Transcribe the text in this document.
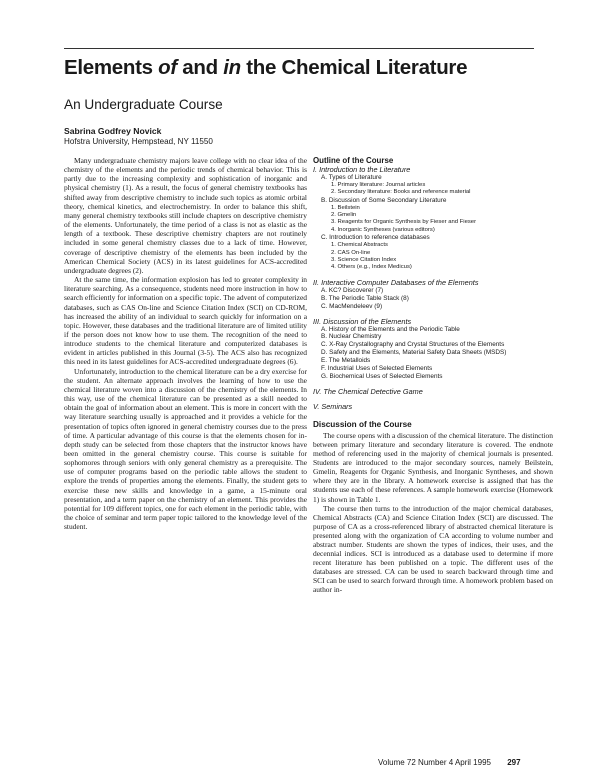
Elements of and in the Chemical Literature
An Undergraduate Course
Sabrina Godfrey Novick
Hofstra University, Hempstead, NY 11550

Many undergraduate chemistry majors leave college with no clear idea of the chemistry of the elements and the periodic trends of chemical behavior. This is partly due to the increasing complexity and sophistication of inorganic and physical chemistry (1). As a result, the focus of general chemistry textbooks has shifted away from descriptive chemistry to include such topics as atomic orbital theory, chemical kinetics, and electrochemistry. In order to balance this shift, many general chemistry textbooks still include chapters on descriptive chemistry of the elements. Unfortunately, the time period of a class is not as elastic as the length of a textbook. These descriptive chemistry chapters are not routinely included in some general chemistry classes due to a lack of time. However, coverage of descriptive chemistry of the elements has been included by the American Chemical Society (ACS) in its latest guidelines for ACS-accredited undergraduate degrees (2).

At the same time, the information explosion has led to greater complexity in literature searching. As a consequence, students need more instruction in how to search efficiently for information on a specific topic. The advent of computerized databases, such as CAS On-line and Science Citation Index (SCI) on CD-ROM, has increased the ability of an individual to search quickly for information on a topic. However, these databases and the traditional literature are of limited utility if the person does not know how to use them. The recognition of the need to introduce students to the chemical literature and computerized databases is evident in articles published in this Journal (3-5). The ACS also has recognized this need in its latest guidelines for ACS-accredited undergraduate degrees (6).

Unfortunately, introduction to the chemical literature can be a dry exercise for the student. An alternate approach involves the learning of how to use the chemical literature woven into a discussion of the chemistry of the elements. In this way, use of the chemical literature can be presented as a skill needed to obtain the goal of information about an element. This is more in concert with the way literature searching usually is approached and it provides a vehicle for the presentation of topics often ignored in general chemistry courses due to the press of time. A particular advantage of this course is that the elements chosen for in-depth study can be selected from those chapters that the instructor knows have been omitted in the general chemistry course. This course is suitable for sophomores through seniors with only general chemistry as a prerequisite. The use of computer programs based on the periodic table allows the student to explore the trends of properties among the elements. Finally, the student gets to exercise these new skills and knowledge in a game, a 15-minute oral presentation, and a term paper on the chemistry of an element. This provides the potential for 109 different topics, one for each element in the periodic table, with the choice of seminar and term paper topic tailored to the knowledge level of the student.

Outline of the Course

I. Introduction to the Literature

A. Types of Literature

1. Primary literature: Journal articles

2. Secondary literature: Books and reference material

B. Discussion of Some Secondary Literature

1. Beilstein

2. Gmelin

3. Reagents for Organic Synthesis by Fieser and Fieser

4. Inorganic Syntheses (various editors)

C. Introduction to reference databases

1. Chemical Abstracts

2. CAS On-line

3. Science Citation Index

4. Others (e.g., Index Medicus)

II. Interactive Computer Databases of the Elements

A. KC? Discoverer (7)

B. The Periodic Table Stack (8)

C. MacMendeleev (9)

III. Discussion of the Elements

A. History of the Elements and the Periodic Table

B. Nuclear Chemistry

C. X-Ray Crystallography and Crystal Structures of the Elements

D. Safety and the Elements, Material Safety Data Sheets (MSDS)

E. The Metalloids

F. Industrial Uses of Selected Elements

G. Biochemical Uses of Selected Elements

IV. The Chemical Detective Game

V. Seminars

Discussion of the Course

The course opens with a discussion of the chemical literature. The distinction between primary literature and secondary literature is covered. The endnote method of referencing used in the majority of chemical journals is presented. Students are introduced to the major secondary sources, namely Beilstein, Gmelin, Reagents for Organic Synthesis, and Inorganic Syntheses, and shown where they are in the library. A homework exercise is assigned that has the students use each of these references. A sample homework exercise (Homework 1) is shown in Table 1.

The course then turns to the introduction of the major chemical databases, Chemical Abstracts (CA) and Science Citation Index (SCI) are discussed. The purpose of CA as a cross-referenced library of abstracted chemical literature is presented along with the organization of CA according to volume number and abstract number. Students are shown the types of indices, their uses, and the decennial indices. SCI is introduced as a database used to determine if more recent literature has been published on a topic. The different uses of the databases are stressed. CA can be used to search backward through time and SCI can be used to search forward through time. A homework problem based on author in-

Volume 72 Number 4 April 1995 297
